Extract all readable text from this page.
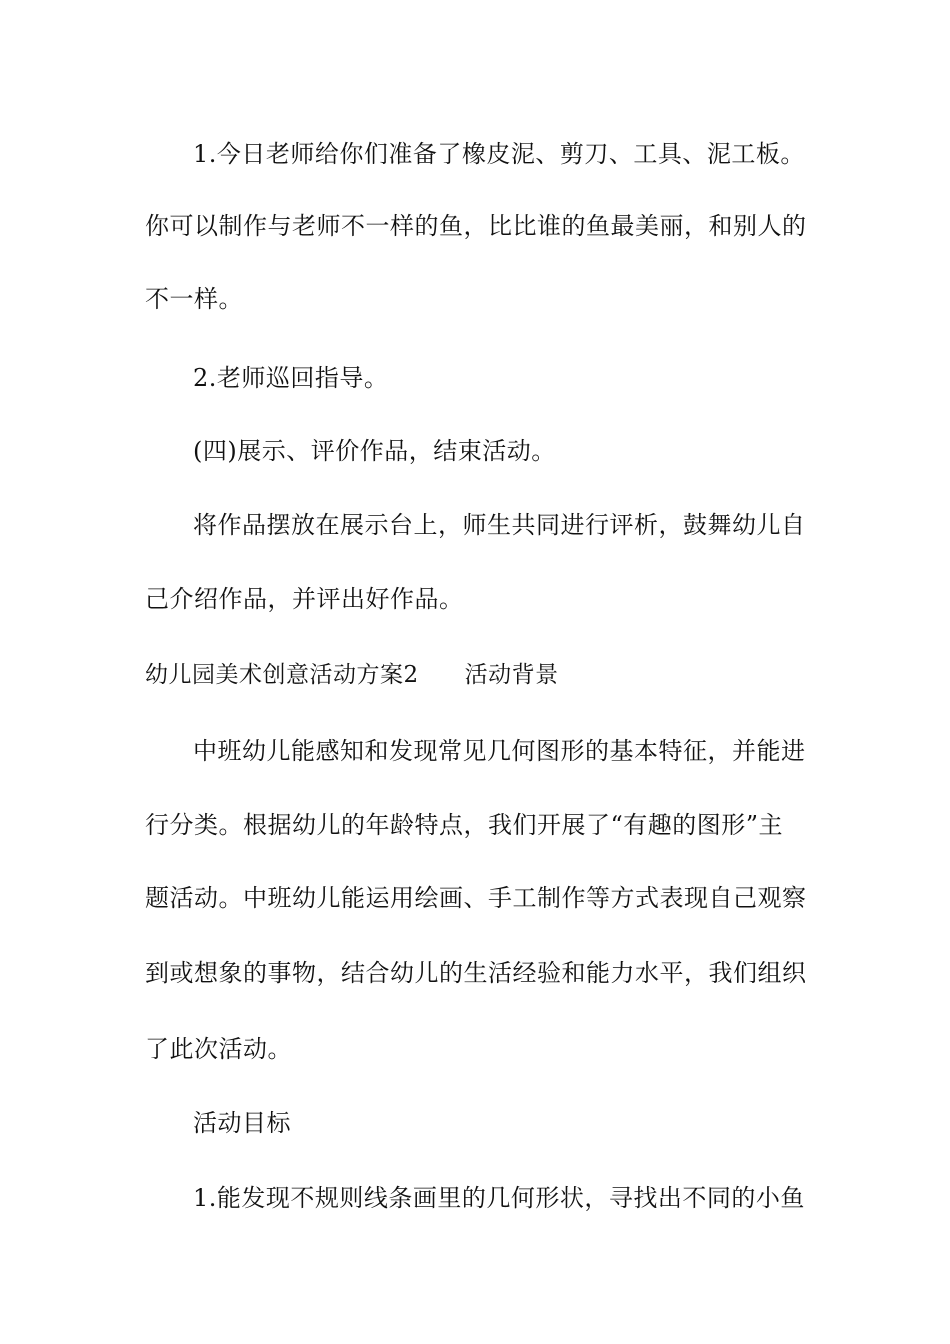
1.今日老师给你们准备了橡皮泥、剪刀、工具、泥工板。
你可以制作与老师不一样的鱼，比比谁的鱼最美丽，和别人的
不一样。
2.老师巡回指导。
(四)展示、评价作品，结束活动。
将作品摆放在展示台上，师生共同进行评析，鼓舞幼儿自
己介绍作品，并评出好作品。
幼儿园美术创意活动方案2 活动背景
中班幼儿能感知和发现常见几何图形的基本特征，并能进
行分类。根据幼儿的年龄特点，我们开展了“有趣的图形”主
题活动。中班幼儿能运用绘画、手工制作等方式表现自己观察
到或想象的事物，结合幼儿的生活经验和能力水平，我们组织
了此次活动。
活动目标
1.能发现不规则线条画里的几何形状，寻找出不同的小鱼
